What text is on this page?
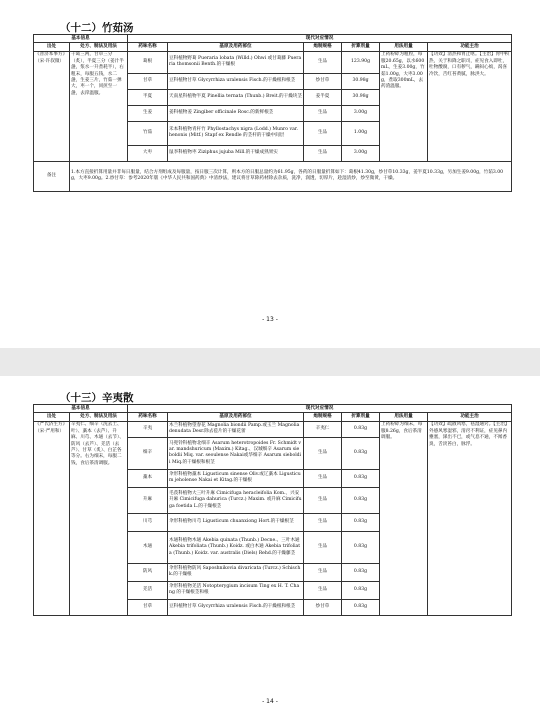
（十二）竹茹汤
基本信息		现代对应情况					
出处	处方、制法及用法	药味名称	基原及用药部位	炮制规格	折算剂量	用法用量	功能主治
《普济本事方》（宋·许叔微）	干葛三两，甘草三分（炙），半夏三分（姜汁半盏，浆水一升煮耗半），右粗末，每服五钱，水二盏，生姜三片，竹茹一弹大，枣一个，同煎至一盏，去滓温服。	葛根	豆科植物野葛 Pueraria lobata (Willd.) Ohwi 或甘葛藤 Pueraria thomsonii Benth.的干燥根	生品	123.90g	上药粉碎为粗粒，每服20.65g，以水600mL，生姜3.00g，竹茹1.00g，大枣3.00g，煮取300mL，去药渣温服。	【功效】清热和胃止呕。【主治】胃中积热，关于和降之职司，症见食入即吐，吐物酸腐，口有秽气，蹒闷心烦，渴喜冷饮，舌红苔黄腻，脉洪大。
		甘草	豆科植物甘草 Glycyrrhiza uralensis Fisch.的干燥根和根茎	炒甘草	30.98g		
		半夏	天南星科植物半夏 Pinellia ternata (Thunb.) Breit.的干燥块茎	姜半夏	30.98g		
		生姜	姜科植物姜 Zingiber officinale Rosc.的新鲜根茎	生品	3.00g		
		竹茹	禾本科植物青秆竹 Phyllostachys nigra (Lodd.) Munro var. henonis (Mitf.) Stapf ex Rendle 的茎杆的干燥中间层	生品	1.00g		
		大枣	鼠李科植物枣 Ziziphus jujuba Mill.的干燥成熟果实	生品	3.00g		
备注	1.本方直接折算用量并非每日服量，结合方剂组成及每服量，按日服三次计算，则本方的日服总量约为61.95g，各药的日服量折算如下：葛根41.30g，炒甘草10.33g，姜半夏10.33g，另加生姜9.00g，竹茹3.00g，大枣9.00g。2.炒甘草：参考2020年版《中华人民共和国药典》中清炒法，建议将甘草除药材除去杂质，洗净，润透，切厚片，趁湿清炒，炒至微黄，干燥。						
- 13 -
（十三）辛夷散
基本信息		现代对应情况					
出处	处方、制法及用法	药味名称	基原及用药部位	炮制规格	折算剂量	用法用量	功能主治
《严氏济生方》（宋·严用和）	辛夷仁、细辛（洗去土、叶）、藁本（去芦）、升麻、川芎、木通（去节）、防风（去芦）、羌活（去芦）、甘草（炙）、白芷各等分。右为细末，每服二钱，食后茶清调服。	辛夷	木兰科植物望春花 Magnolia biondii Pamp.或玉兰 Magnolia denudata Desr.除去苞片的干燥花蕾	辛夷仁	0.83g	上药粉碎为细末，每服8.26g，食后茶清调服。	【功效】疏散风寒，祛湿通窍。【主治】外感风寒湿邪，清窍不利证，症见鼻内壅塞，涕出不已，或气息不通，不闻香臭，舌淡苔白，脉浮。
		细辛	马兜铃科植物北细辛 Asarum heterotropoides Fr. Schmidt var. mandshuricum (Maxim.) Kitag.、汉城细辛 Asarum sieboldii Miq. var. seoulense Nakai或华细辛 Asarum sieboldii Miq.的干燥根和根茎	生品	0.83g		
		藁本	伞形科植物藁本 Ligusticum sinense Oliv.或辽藁本 Ligusticum jeholense Nakai et Kitag.的干燥根	生品	0.83g		
		升麻	毛茛科植物大三叶升麻 Cimicifuga heracleifolia Kom.、兴安升麻 Cimicifuga dahurica (Turcz.) Maxim. 或升麻 Cimicifuga foetida L.的干燥根茎	生品	0.83g		
		川芎	伞形科植物川芎 Ligusticum chuanxiong Hort.的干燥根茎	生品	0.83g		
		木通	木通科植物木通 Akebia quinata (Thunb.) Decne.、三叶木通 Akebia trifoliata (Thunb.) Koidz. 或白木通 Akebia trifoliata (Thunb.) Koidz. var. australis (Diels) Rehd.的干燥藤茎	生品	0.83g		
		防风	伞形科植物防风 Saposhnikovia divaricata (Turcz.) Schischk.的干燥根	生品	0.83g		
		羌活	伞形科植物羌活 Notopterygium incisum Ting ex H. T. Chang 的干燥根茎和根	生品	0.83g		
		甘草	豆科植物甘草 Glycyrrhiza uralensis Fisch.的干燥根和根茎	炒甘草	0.83g		
- 14 -
